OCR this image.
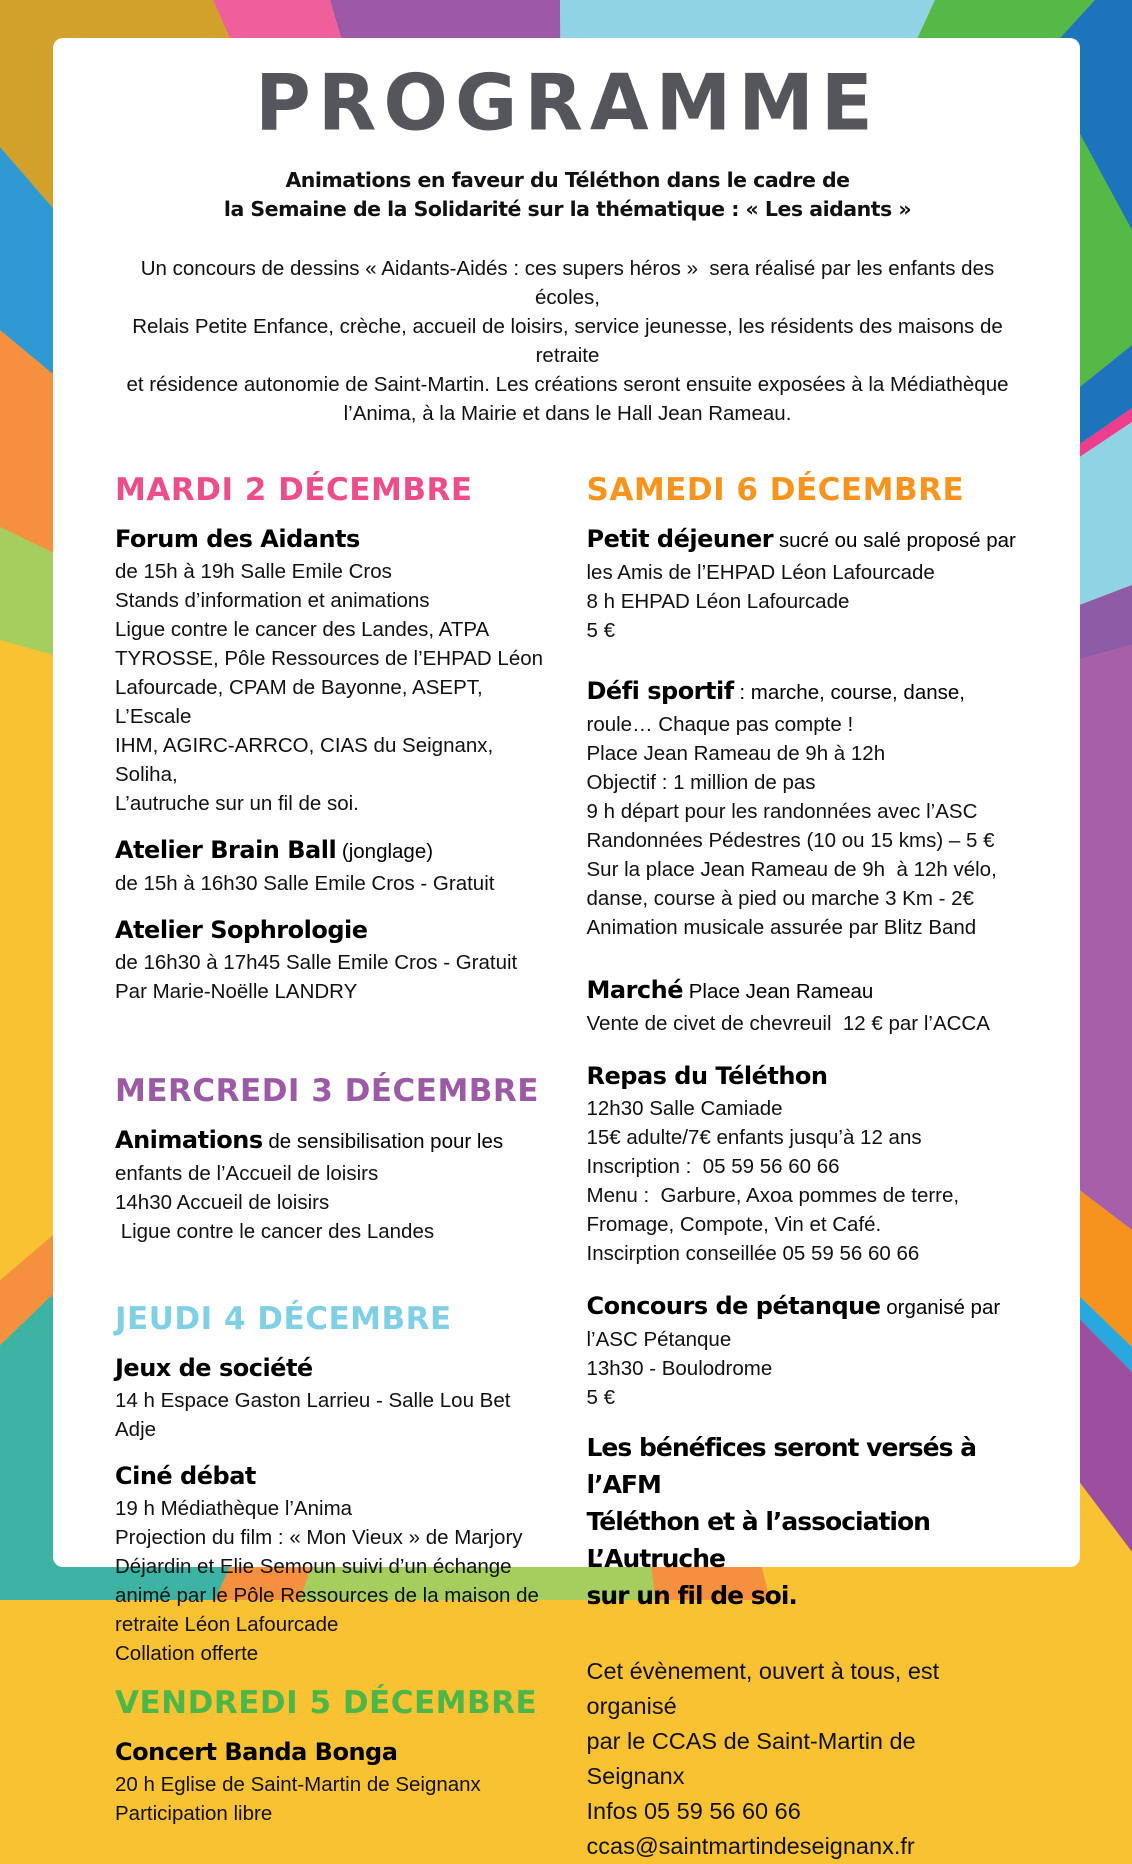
PROGRAMME
Animations en faveur du Téléthon dans le cadre de
la Semaine de la Solidarité sur la thématique : « Les aidants »
Un concours de dessins « Aidants-Aidés : ces supers héros »  sera réalisé par les enfants des écoles,
Relais Petite Enfance, crèche, accueil de loisirs, service jeunesse, les résidents des maisons de retraite
et résidence autonomie de Saint-Martin. Les créations seront ensuite exposées à la Médiathèque
l’Anima, à la Mairie et dans le Hall Jean Rameau.
MARDI 2 DÉCEMBRE
Forum des Aidants
de 15h à 19h Salle Emile Cros
Stands d’information et animations
Ligue contre le cancer des Landes, ATPA
TYROSSE, Pôle Ressources de l’EHPAD Léon
Lafourcade, CPAM de Bayonne, ASEPT, L’Escale
IHM, AGIRC-ARRCO, CIAS du Seignanx, Soliha,
L’autruche sur un fil de soi.
Atelier Brain Ball (jonglage)
de 15h à 16h30 Salle Emile Cros - Gratuit
Atelier Sophrologie
de 16h30 à 17h45 Salle Emile Cros - Gratuit
Par Marie-Noëlle LANDRY
MERCREDI 3 DÉCEMBRE
Animations de sensibilisation pour les
enfants de l’Accueil de loisirs
14h30 Accueil de loisirs
Ligue contre le cancer des Landes
JEUDI 4 DÉCEMBRE
Jeux de société
14 h Espace Gaston Larrieu - Salle Lou Bet Adje
Ciné débat
19 h Médiathèque l’Anima
Projection du film : « Mon Vieux » de Marjory
Déjardin et Elie Semoun suivi d’un échange
animé par le Pôle Ressources de la maison de
retraite Léon Lafourcade
Collation offerte
VENDREDI 5 DÉCEMBRE
Concert Banda Bonga
20 h Eglise de Saint-Martin de Seignanx
Participation libre
SAMEDI 6 DÉCEMBRE
Petit déjeuner sucré ou salé proposé par
les Amis de l’EHPAD Léon Lafourcade
8 h EHPAD Léon Lafourcade
5 €
Défi sportif : marche, course, danse,
roule… Chaque pas compte !
Place Jean Rameau de 9h à 12h
Objectif : 1 million de pas
9 h départ pour les randonnées avec l’ASC
Randonnées Pédestres (10 ou 15 kms) – 5 €
Sur la place Jean Rameau de 9h  à 12h vélo,
danse, course à pied ou marche 3 Km - 2€
Animation musicale assurée par Blitz Band
Marché Place Jean Rameau
Vente de civet de chevreuil  12 € par l’ACCA
Repas du Téléthon
12h30 Salle Camiade
15€ adulte/7€ enfants jusqu’à 12 ans
Inscription :  05 59 56 60 66
Menu :  Garbure, Axoa pommes de terre,
Fromage, Compote, Vin et Café.
Inscirption conseillée 05 59 56 60 66
Concours de pétanque organisé par
l’ASC Pétanque
13h30 - Boulodrome
5 €
Les bénéfices seront versés à l’AFM
Téléthon et à l’association L’Autruche
sur un fil de soi.
Cet évènement, ouvert à tous, est organisé
par le CCAS de Saint-Martin de Seignanx
Infos 05 59 56 60 66
ccas@saintmartindeseignanx.fr
